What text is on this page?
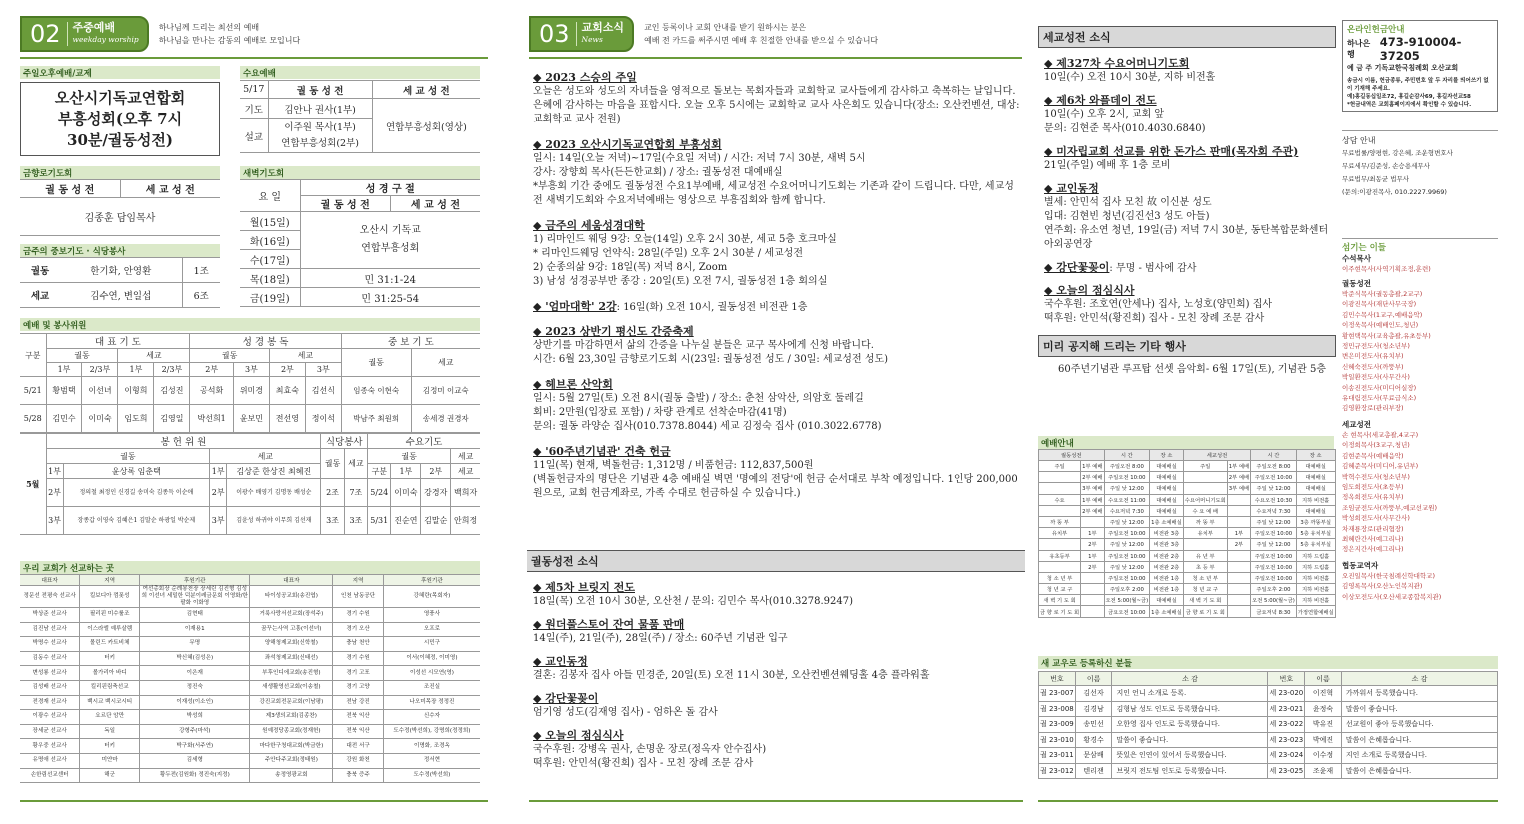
02 주중예배
weekday worship
하나님께 드리는 최선의 예배
하나님을 만나는 감동의 예배로 모입니다
주일오후예배/교제
오산시기독교연합회
부흥성회(오후 7시
30분/궐동성전)
수요예배
5/17	궐 동 성 전	세 교 성 전
기도	김안나 권사(1부)	연합부흥성회(영상)
설교	이주원 목사(1부)
연합부흥성회(2부)	
금향로기도회
궐 동 성 전	세 교 성 전
김종훈 담임목사
새벽기도회
요 일	성 경 구 절	
	궐 동 성 전	세 교 성 전
월(15일)	오산시 기독교
연합부흥성회	

화(16일)		
수(17일)		
목(18일)	민 31:1-24	
금(19일)	민 31:25-54	
금주의 중보기도 · 식당봉사
궐동	한기화, 안영환	1조
세교	김수연, 변일섭	6조
예배 및 봉사위원
구분	대 표 기 도				성 경 봉 독				중 보 기 도	
	궐동		세교		궐동		세교		궐동	세교
	1부	2/3부	1부	2/3부	2부	3부	2부	3부		
5/21	황범택	이선녀	이형희	김성진	공석화	위미경	최효숙	김선식	임종숙 이현숙	김정미 이교숙
5/28	김민수	이미숙	임도희	김영일	박선희1	윤보민	전선영	정이석	박남주 최원희	송세경 권경자
5월	봉 헌 위 원				식당봉사		수요기도			
	궐동		세교		궐동	세교	궐동			세교
	1부	윤상록 임춘택	1부	김상준 한상진 최혜진			구분	1부	2부	세교
	2부	정의철 최정인 신경길 송미숙 김종득 이순애	2부	이광수 배영기 김명동 배성순	2조	7조	5/24	이미숙	강경자	백희자
	3부	장종갑 이영숙 김혜은1 김말순 하광일 박순제	3부	김윤성 하귀야 이무희 김선재	3조	3조	5/31	진순연	김말순	안희정
우리 교회가 선교하는 곳
대표자	지역	후원기관	대표자	지역	후원기관
정문선 전평숙 선교사	킬보디아 껌폿성	여선총회장 순례봉천장 장세린 김진형 김성희 이선녀 세밀한 덕분이레금문회 이영화/한팔화 이화영	타이성공교회(송진엽)	인천 남동공단	강혜란(목회자)
박상준 선교사	필리핀 미수룰조	김현태	거룩사랑서선교회(장석주)	경기 수원	영풍사
김진남 선교사	이스라엘 예루살렘	이재용1	꿈꾸는사역 고흥(이선녀)	경기 오산	오프로
박명수 선교사	몰린드 카트비체	무명	양해청제교회(신학철)	충남 천안	시민구
김동수 선교사	터키	박신혜(김성은)	좌석청제교회(신태선)	경기 수원	이서(이혜정, 이미영)
변성룡 선교사	볼가리아 바디	이은재	부후인디에교회(송진형)	경기 고포	이성선 시모연(영)
김성배 선교사	킬리핀림축선교	정진숙	새생활영선교회(이송철)	경기 고양	조진실
전경재 선교사	백시교 백시코시티	이재성(이소인)	강진교회전문교회(이남평)	전남 강진	나오미목장 정정진
이광수 선교사	요르단 암만	박성희	제3생의교회(김종찬)	전북 익산	신수자
장세균 선교사	독일	강형주(마석)	원예정당종교회(정재헌)	전북 익산	도수정(박선희), 강명희(정정희)
황우중 선교사	터키	박구화(서주연)	마다한구청대교회(박금한)	대전 서구	이명화, 조경옥
유명애 선교사	미얀마	김세형	주안다주교회(정태원)	강원 화천	정서현
손한림선교센터	해군	황두전(김원화) 정진숙(지정)	송정영광교회	충북 증주	도수정(박선희)
03 교회소식
News
교인 등록이나 교회 안내를 받기 원하시는 분은
예배 전 카드를 써주시면 예배 후 친절한 안내를 받으실 수 있습니다
◆ 2023 스승의 주일
오늘은 성도와 성도의 자녀들을 영적으로 돌보는 목회자들과 교회학교 교사들에게 감사하고 축복하는 날입니다. 은혜에 감사하는 마음을 표합시다. 오늘 오후 5시에는 교회학교 교사 사은회도 있습니다(장소: 오산컨벤션, 대상: 교회학교 교사 전원)
◆ 2023 오산시기독교연합회 부흥성회
일시: 14일(오늘 저녁)~17일(수요일 저녁) / 시간: 저녁 7시 30분, 새벽 5시
강사: 장향희 목사(든든한교회) / 장소: 궐동성전 대예배실
*부흥회 기간 중에도 궐동성전 수요1부예배, 세교성전 수요어머니기도회는 기존과 같이 드립니다. 다만, 세교성전 새벽기도회와 수요저녁예배는 영상으로 부흥집회와 함께 합니다.
◆ 금주의 세움성경대학
1) 리마인드 웨딩 9강: 오늘(14일) 오후 2시 30분, 세교 5층 호크마실
* 리마인드웨딩 언약식: 28일(주일) 오후 2시 30분 / 세교성전
2) 순종의삶 9강: 18일(목) 저녁 8시, Zoom
3) 남성 성경공부반 종강 : 20일(토) 오전 7시, 궐동성전 1층 회의실
◆ '엄마대학' 2강: 16일(화) 오전 10시, 궐동성전 비전관 1층
◆ 2023 상반기 평신도 간증축제
상반기를 마감하면서 삶의 간증을 나누실 분들은 교구 목사에게 신청 바랍니다.
시간: 6월 23,30일 금향로기도회 시(23일: 궐동성전 성도 / 30일: 세교성전 성도)
◆ 헤브론 산악회
일시: 5월 27일(토) 오전 8시(궐동 출발) / 장소: 춘천 삼악산, 의암호 둘레길
회비: 2만원(입장료 포함) / 차량 관계로 선착순마감(41명)
문의: 궐동 라양순 집사(010.7378.8044) 세교 김정숙 집사 (010.3022.6778)
◆ '60주년기념관' 건축 헌금
11일(목) 현재, 벽돌헌금: 1,312명 / 비품헌금: 112,837,500원
(벽돌헌금자의 명단은 기념관 4층 예배실 벽면 '명예의 전당'에 헌금 순서대로 부착 예정입니다. 1인당 200,000원으로, 교회 헌금계좌로, 가족 수대로 헌금하실 수 있습니다.)
궐동성전 소식
◆ 제5차 브릿지 전도
18일(목) 오전 10시 30분, 오산천 / 문의: 김민수 목사(010.3278.9247)
◆ 원더풀스토어 잔여 물품 판매
14일(주), 21일(주), 28일(주) / 장소: 60주년 기념관 입구
◆ 교인동정
결혼: 김봉자 집사 아들 민경준, 20일(토) 오전 11시 30분, 오산컨벤션웨딩홀 4층 플라워홀
◆ 강단꽃꽂이
엄기영 성도(김재영 집사) - 엄하온 돌 감사
◆ 오늘의 점심식사
국수후원: 강병옥 권사, 손명운 장로(정옥자 안수집사)
떡후원: 안민석(황진희) 집사 - 모친 장례 조문 감사
세교성전 소식
◆ 제327차 수요어머니기도회
10일(수) 오전 10시 30분, 지하 비전홀
◆ 제6차 와플데이 전도
10일(수) 오후 2시, 교회 앞
문의: 김현준 목사(010.4030.6840)
◆ 미자립교회 선교를 위한 돈가스 판매(목자회 주관)
21일(주일) 예배 후 1층 로비
◆ 교인동정
별세: 안민석 집사 모친 故 이신분 성도
입대: 김현빈 청년(김진선3 성도 아들)
연주회: 유소연 청년, 19일(금) 저녁 7시 30분, 동탄복합문화센터 아외공연장
◆ 강단꽃꽂이: 무명 - 범사에 감사
◆ 오늘의 점심식사
국수후원: 조호연(안세나) 집사, 노성호(양민희) 집사
떡후원: 안민석(황진희) 집사 - 모친 장례 조문 감사
미리 공지해 드리는 기타 행사
60주년기념관 루프탑 선셋 음악회- 6월 17일(토), 기념관 5층
온라인헌금안내
하나은행
473-910004-37205
예 금 주 기독교한국침례회 오산교회
송금시 이름, 헌금종류, 주민번호 앞 두 자리를 띄어쓰기 없이 기재해 주세요.
예)홍길동십일조72, 홍길순감사69, 홍길자선교58
*헌금내역은 교회홈페이지에서 확인할 수 있습니다.
상담 안내
무료법률/양평현, 강은혜, 조운형변호사
무료세무/김준성, 손승용세무사
무료법무/최동균 법무사
(문의:이광진목사, 010.2227.9969)
섬기는 이들
수석목사
이주현목사(사역기획조정,훈련)
궐동성전
박준식목사(궐동총괄,2교구)
이광진목사(재단사무국장)
김민수목사(1교구,예배음악)
이정욱목사(예배인도,청년)
황현택목사(교육총괄,유초등부)
정민규전도사(청소년부)
변은미전도사(유치부)
신혜숙전도사(까뚱부)
박일환전도사(사무간사)
이송진전도사(미디어실장)
유대림전도사(무료급식소)
김영환장로(관리부장)
세교성전
손 현목사(세교총괄,4교구)
이정희목사(3교구,청년)
김현준목사(예배음악)
김혜준목사(미디어,유년부)
박혁수전도사(청소년부)
임도희전도사(초등부)
정옥희전도사(유치부)
조임균전도사(까뚱부,예코선교원)
박성희전도사(사무간사)
차재룡장로(관리협장)
최혜란간사(예그리나)
정은지간사(예그리나)
협동교역자
오진일목사(한국침례신학대학교)
김영록목사(오산노인복지관)
이상모전도사(오산세교종합복지관)
예배안내
궐동성전		시 간	장 소	세교성전		시 간	장 소
주일	1부 예배	주일오전 8:00	대예배실	주일	1부 예배	주일오전 8:00	대예배실
	2부 예배	주일오전 10:00	대예배실		2부 예배	주일오전 10:00	대예배실
	3부 예배	주일 낮 12:00	대예배실		3부 예배	주일 낮 12:00	대예배실
수요	1부 예배	수요오전 11:00	대예배실	수요어머니기도회		수요오전 10:30	지하 비전홀
	2부 예배	수요저녁 7:30	대예배실	수 요 예 배		수요저녁 7:30	대예배실
까 뚱 부		주일 낮 12:00	1층 소예배실	까 뚱 부		주일 낮 12:00	3층 까뚱부실
유치부	1부	주일오전 10:00	비전관 3층	유치부	1부	주일오전 10:00	5층 유치부실
	2부	주일 낮 12:00	비전관 3층		2부	주일 낮 12:00	5층 유치부실
유초등부	1부	주일오전 10:00	비전관 2층	유 년 부		주일오전 10:00	지하 드림홀
	2부	주일 낮 12:00	비전관 2층	초 등 부		주일오전 10:00	지하 드림홀
청 소 년 부		주일오전 10:00	비전관 1층	청 소 년 부		주일오전 10:00	지하 비전홀
청 년 교 구		주일오후 2:00	비전관 1층	청 년 교 구		주일오후 2:00	지하 비전홀
새 벽 기 도 회		오전 5:00(월~금)	대예배실	새 벽 기 도 회		오전 5:00(월~금)	지하 비전홀
금 향 로 기 도 회		금요오전 10:00	1층 소예배실	금 향 로 기 도 회		금요저녁 8:30	가정연합예배실
새 교우로 등록하신 분들
번호	이름	소 감	번호	이름	소 감
궐 23-007	김선자	지인 언니 소개로 등록.	세 23-020	이진혁	가까워서 등록했습니다.
궐 23-008	김경남	김형남 성도 인도로 등록했습니다.	세 23-021	윤정숙	말씀이 좋습니다.
궐 23-009	송민선	오한영 집사 인도로 등록했습니다.	세 23-022	박유진	선교원이 좋아 등록했습니다.
궐 23-010	황경수	말씀이 좋습니다.	세 23-023	박예진	말씀이 은혜롭습니다.
궐 23-011	문삼배	뜻있은 인연이 있어서 등록했습니다.	세 23-024	이수정	지인 소개로 등록했습니다.
궐 23-012	텐리잰	브릿지 전도팀 인도로 등록했습니다.	세 23-025	조윤재	말씀이 은혜롭습니다.
